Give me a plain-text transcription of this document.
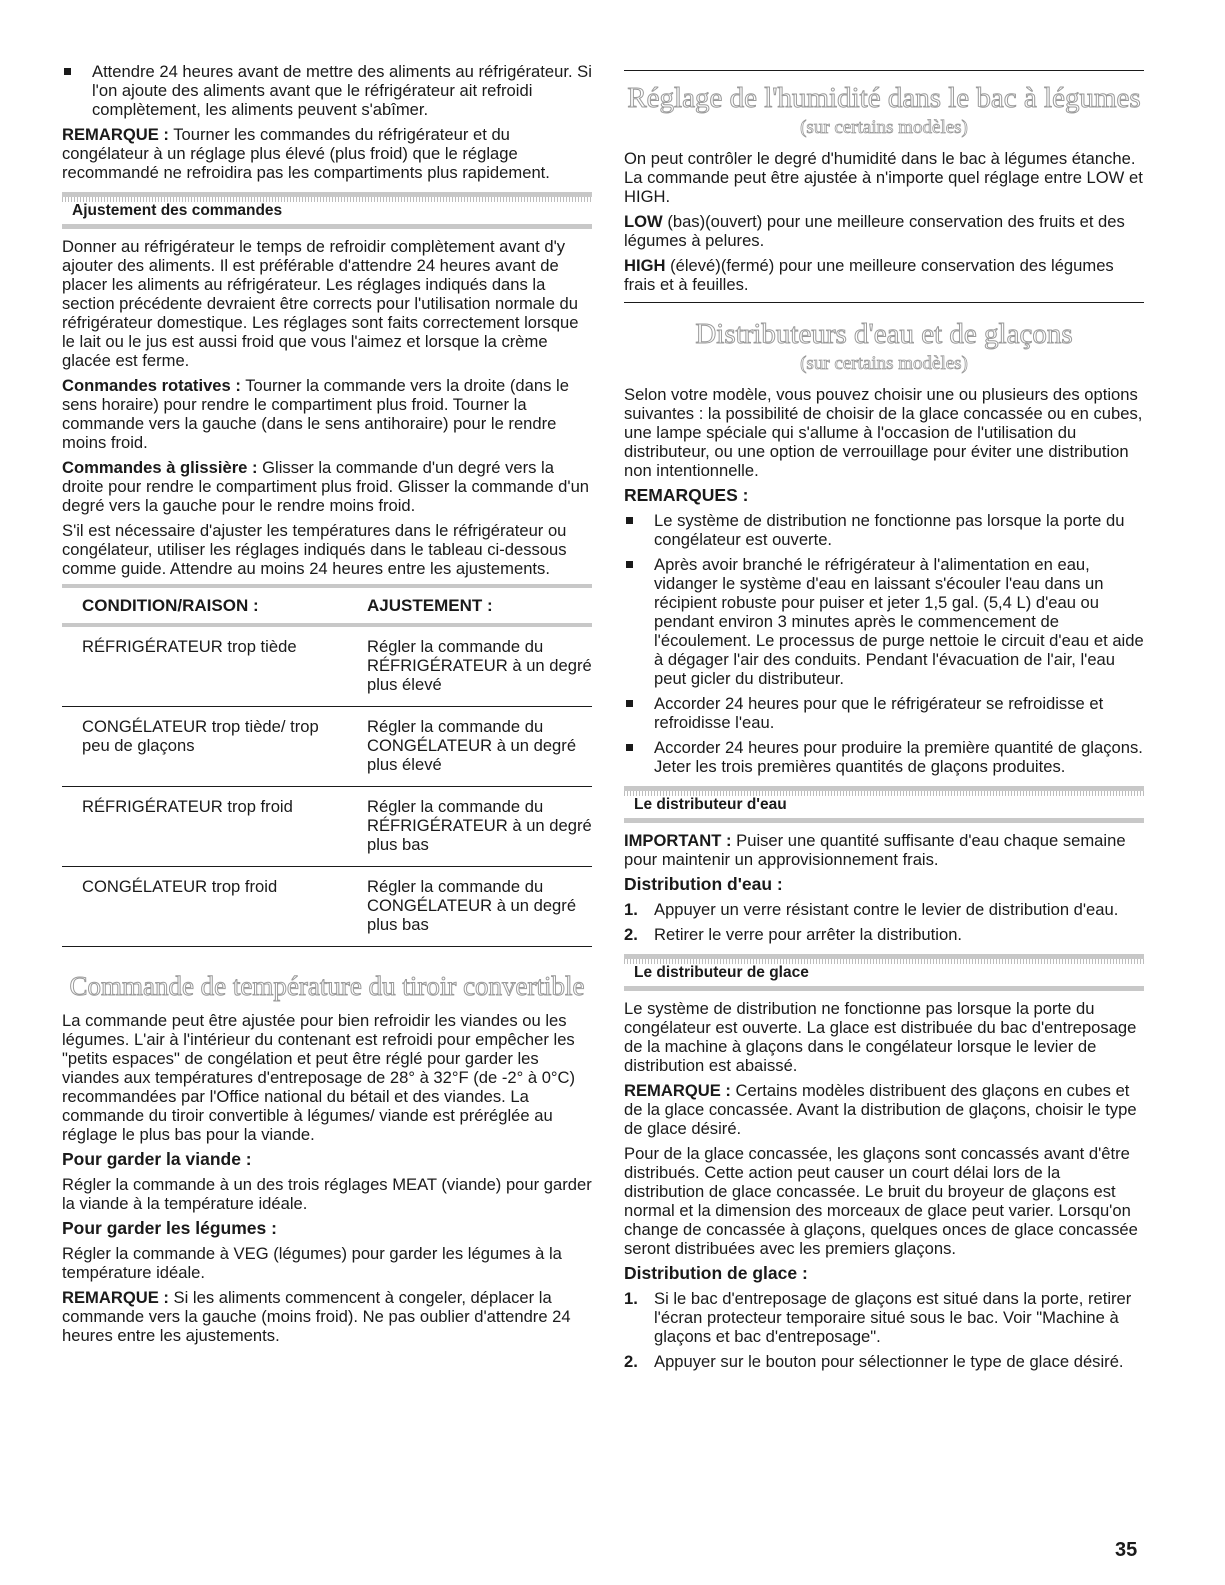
Attendre 24 heures avant de mettre des aliments au réfrigérateur. Si l'on ajoute des aliments avant que le réfrigérateur ait refroidi complètement, les aliments peuvent s'abîmer.

REMARQUE : Tourner les commandes du réfrigérateur et du congélateur à un réglage plus élevé (plus froid) que le réglage recommandé ne refroidira pas les compartiments plus rapidement.

Ajustement des commandes

Donner au réfrigérateur le temps de refroidir complètement avant d'y ajouter des aliments. Il est préférable d'attendre 24 heures avant de placer les aliments au réfrigérateur. Les réglages indiqués dans la section précédente devraient être corrects pour l'utilisation normale du réfrigérateur domestique. Les réglages sont faits correctement lorsque le lait ou le jus est aussi froid que vous l'aimez et lorsque la crème glacée est ferme.

Conmandes rotatives : Tourner la commande vers la droite (dans le sens horaire) pour rendre le compartiment plus froid. Tourner la commande vers la gauche (dans le sens antihoraire) pour le rendre moins froid.

Commandes à glissière : Glisser la commande d'un degré vers la droite pour rendre le compartiment plus froid. Glisser la commande d'un degré vers la gauche pour le rendre moins froid.

S'il est nécessaire d'ajuster les températures dans le réfrigérateur ou congélateur, utiliser les réglages indiqués dans le tableau ci-dessous comme guide. Attendre au moins 24 heures entre les ajustements.

CONDITION/RAISON :	AJUSTEMENT :
RÉFRIGÉRATEUR trop tiède	Régler la commande du RÉFRIGÉRATEUR à un degré plus élevé
CONGÉLATEUR trop tiède/ trop peu de glaçons	Régler la commande du CONGÉLATEUR à un degré plus élevé
RÉFRIGÉRATEUR trop froid	Régler la commande du RÉFRIGÉRATEUR à un degré plus bas
CONGÉLATEUR trop froid	Régler la commande du CONGÉLATEUR à un degré plus bas
Commande de température du tiroir convertible

La commande peut être ajustée pour bien refroidir les viandes ou les légumes. L'air à l'intérieur du contenant est refroidi pour empêcher les "petits espaces" de congélation et peut être réglé pour garder les viandes aux températures d'entreposage de 28° à 32°F (de -2° à 0°C) recommandées par l'Office national du bétail et des viandes. La commande du tiroir convertible à légumes/ viande est préréglée au réglage le plus bas pour la viande.

Pour garder la viande :

Régler la commande à un des trois réglages MEAT (viande) pour garder la viande à la température idéale.

Pour garder les légumes :

Régler la commande à VEG (légumes) pour garder les légumes à la température idéale.

REMARQUE : Si les aliments commencent à congeler, déplacer la commande vers la gauche (moins froid). Ne pas oublier d'attendre 24 heures entre les ajustements.

Réglage de l'humidité dans le bac à légumes
(sur certains modèles)

On peut contrôler le degré d'humidité dans le bac à légumes étanche. La commande peut être ajustée à n'importe quel réglage entre LOW et HIGH.

LOW (bas)(ouvert) pour une meilleure conservation des fruits et des légumes à pelures.

HIGH (élevé)(fermé) pour une meilleure conservation des légumes frais et à feuilles.

Distributeurs d'eau et de glaçons
(sur certains modèles)

Selon votre modèle, vous pouvez choisir une ou plusieurs des options suivantes : la possibilité de choisir de la glace concassée ou en cubes, une lampe spéciale qui s'allume à l'occasion de l'utilisation du distributeur, ou une option de verrouillage pour éviter une distribution non intentionnelle.

REMARQUES :
Le système de distribution ne fonctionne pas lorsque la porte du congélateur est ouverte.
Après avoir branché le réfrigérateur à l'alimentation en eau, vidanger le système d'eau en laissant s'écouler l'eau dans un récipient robuste pour puiser et jeter 1,5 gal. (5,4 L) d'eau ou pendant environ 3 minutes après le commencement de l'écoulement. Le processus de purge nettoie le circuit d'eau et aide à dégager l'air des conduits. Pendant l'évacuation de l'air, l'eau peut gicler du distributeur.
Accorder 24 heures pour que le réfrigérateur se refroidisse et refroidisse l'eau.
Accorder 24 heures pour produire la première quantité de glaçons. Jeter les trois premières quantités de glaçons produites.
Le distributeur d'eau

IMPORTANT : Puiser une quantité suffisante d'eau chaque semaine pour maintenir un approvisionnement frais.

Distribution d'eau :
1. Appuyer un verre résistant contre le levier de distribution d'eau.
2. Retirer le verre pour arrêter la distribution.
Le distributeur de glace

Le système de distribution ne fonctionne pas lorsque la porte du congélateur est ouverte. La glace est distribuée du bac d'entreposage de la machine à glaçons dans le congélateur lorsque le levier de distribution est abaissé.

REMARQUE : Certains modèles distribuent des glaçons en cubes et de la glace concassée. Avant la distribution de glaçons, choisir le type de glace désiré.

Pour de la glace concassée, les glaçons sont concassés avant d'être distribués. Cette action peut causer un court délai lors de la distribution de glace concassée. Le bruit du broyeur de glaçons est normal et la dimension des morceaux de glace peut varier. Lorsqu'on change de concassée à glaçons, quelques onces de glace concassée seront distribuées avec les premiers glaçons.

Distribution de glace :
1. Si le bac d'entreposage de glaçons est situé dans la porte, retirer l'écran protecteur temporaire situé sous le bac. Voir "Machine à glaçons et bac d'entreposage".
2. Appuyer sur le bouton pour sélectionner le type de glace désiré.
35
